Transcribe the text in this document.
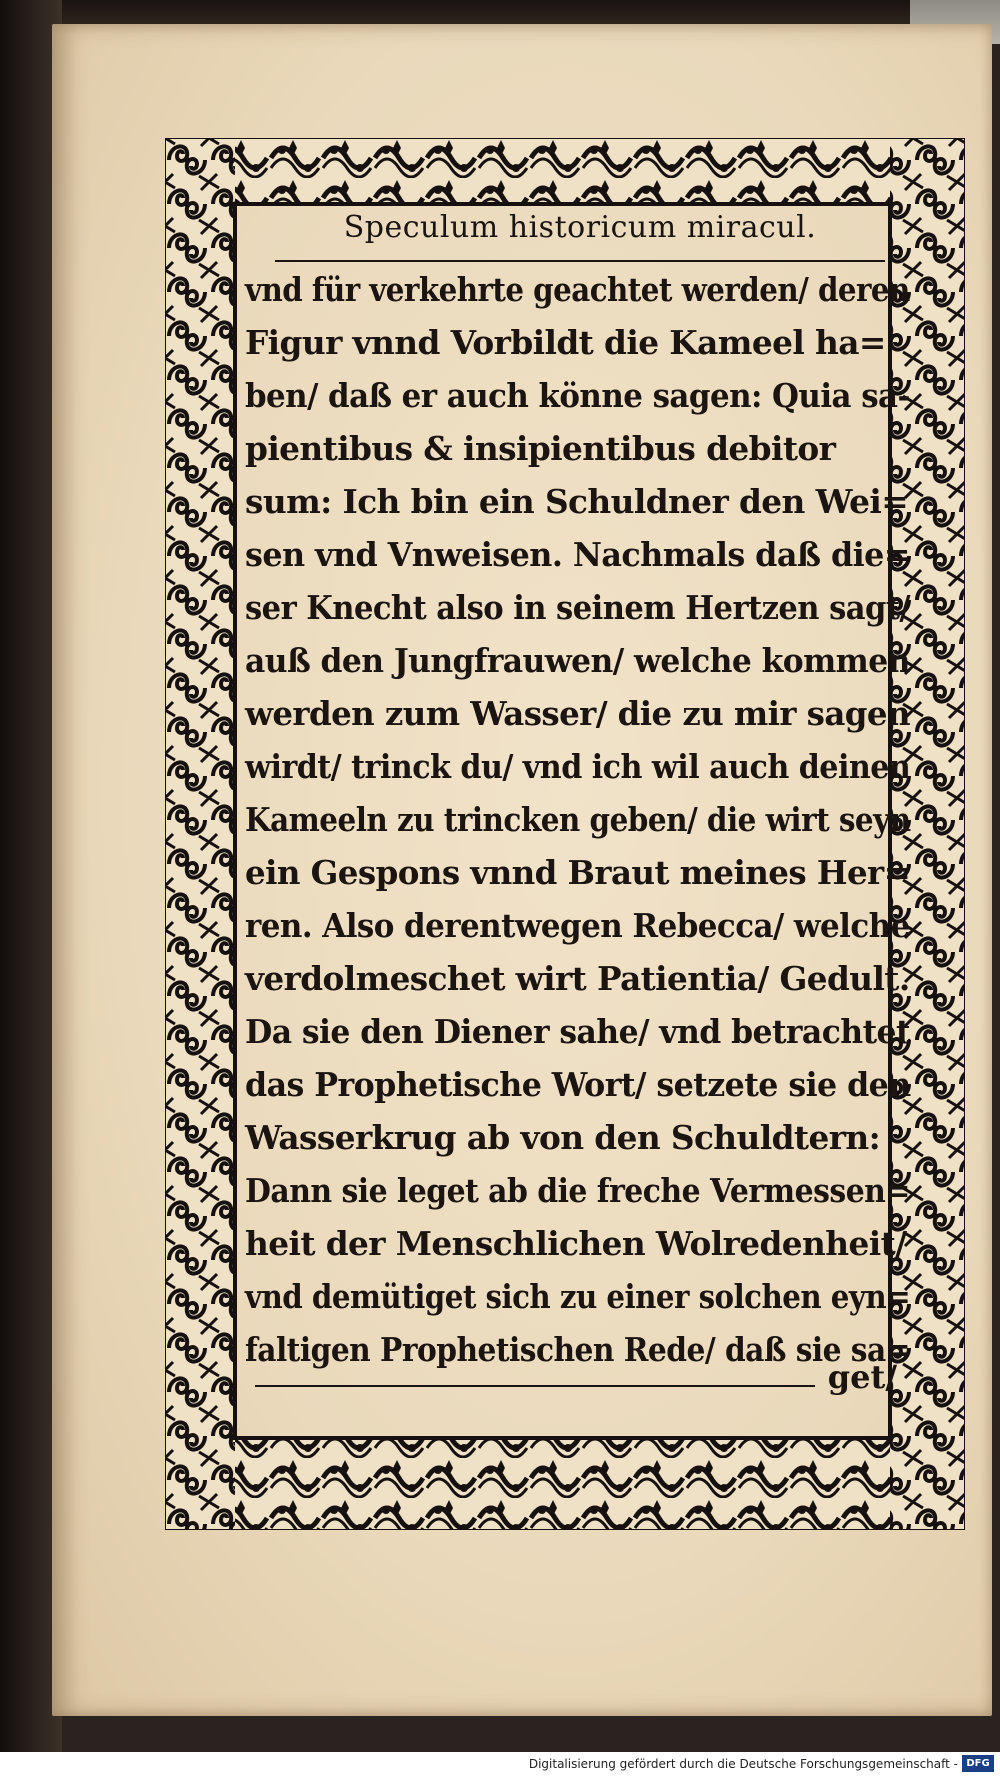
Speculum historicum miracul.
vnd für verkehrte geachtet werden/ deren
Figur vnnd Vorbildt die Kameel ha=
ben/ daß er auch könne sagen: Quia sa-
pientibus & insipientibus debitor
sum: Ich bin ein Schuldner den Wei=
sen vnd Vnweisen. Nachmals daß die=
ser Knecht also in seinem Hertzen sagt/
auß den Jungfrauwen/ welche kommen
werden zum Wasser/ die zu mir sagen
wirdt/ trinck du/ vnd ich wil auch deinen
Kameeln zu trincken geben/ die wirt seyn
ein Gespons vnnd Braut meines Her=
ren. Also derentwegen Rebecca/ welche
verdolmeschet wirt Patientia/ Gedult.
Da sie den Diener sahe/ vnd betrachtet
das Prophetische Wort/ setzete sie den
Wasserkrug ab von den Schuldtern:
Dann sie leget ab die freche Vermessen=
heit der Menschlichen Wolredenheit/
vnd demütiget sich zu einer solchen eyn=
faltigen Prophetischen Rede/ daß sie sa=
get/
Digitalisierung gefördert durch die Deutsche Forschungsgemeinschaft - DFG
